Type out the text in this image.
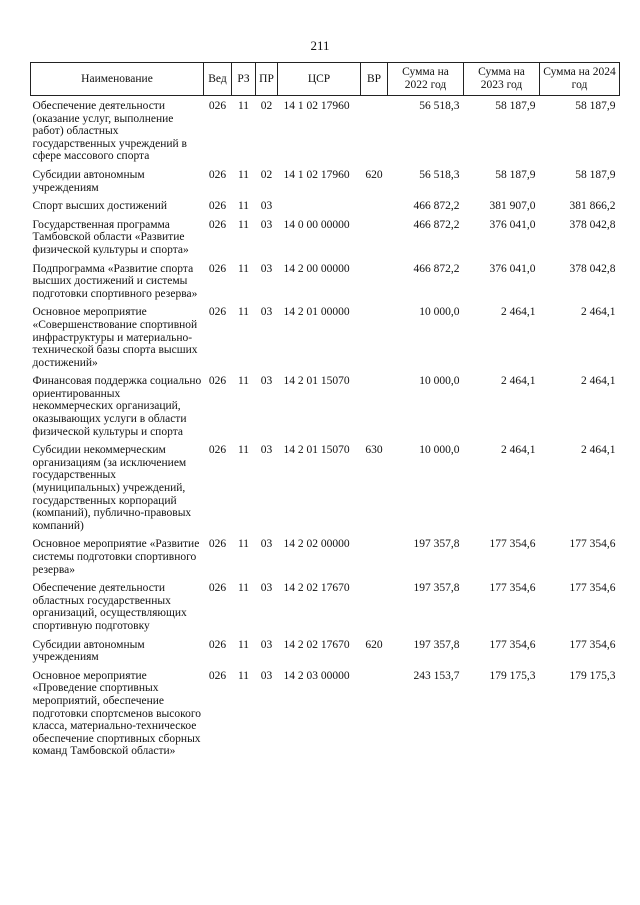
211
Наименование	Вед	РЗ	ПР	ЦСР	ВР	Сумма на 2022 год	Сумма на 2023 год	Сумма на 2024 год
Обеспечение деятельности (оказание услуг, выполнение работ) областных государственных учреждений в сфере массового спорта	026	11	02	14 1 02 17960		56 518,3	58 187,9	58 187,9
Субсидии автономным учреждениям	026	11	02	14 1 02 17960	620	56 518,3	58 187,9	58 187,9
Спорт высших достижений	026	11	03			466 872,2	381 907,0	381 866,2
Государственная программа Тамбовской области «Развитие физической культуры и спорта»	026	11	03	14 0 00 00000		466 872,2	376 041,0	378 042,8
Подпрограмма «Развитие спорта высших достижений и системы подготовки спортивного резерва»	026	11	03	14 2 00 00000		466 872,2	376 041,0	378 042,8
Основное мероприятие «Совершенствование спортивной инфраструктуры и материально-технической базы спорта высших достижений»	026	11	03	14 2 01 00000		10 000,0	2 464,1	2 464,1
Финансовая поддержка социально ориентированных некоммерческих организаций, оказывающих услуги в области физической культуры и спорта	026	11	03	14 2 01 15070		10 000,0	2 464,1	2 464,1
Субсидии некоммерческим организациям (за исключением государственных (муниципальных) учреждений, государственных корпораций (компаний), публично-правовых компаний)	026	11	03	14 2 01 15070	630	10 000,0	2 464,1	2 464,1
Основное мероприятие «Развитие системы подготовки спортивного резерва»	026	11	03	14 2 02 00000		197 357,8	177 354,6	177 354,6
Обеспечение деятельности областных государственных организаций, осуществляющих спортивную подготовку	026	11	03	14 2 02 17670		197 357,8	177 354,6	177 354,6
Субсидии автономным учреждениям	026	11	03	14 2 02 17670	620	197 357,8	177 354,6	177 354,6
Основное мероприятие «Проведение спортивных мероприятий, обеспечение подготовки спортсменов высокого класса, материально-техническое обеспечение спортивных сборных команд Тамбовской области»	026	11	03	14 2 03 00000		243 153,7	179 175,3	179 175,3
